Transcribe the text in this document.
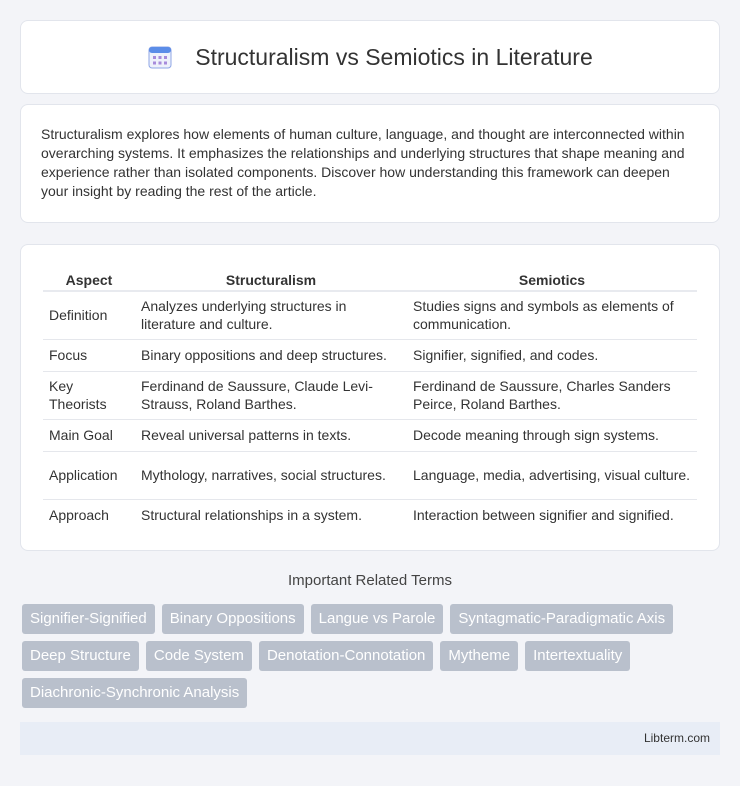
Structuralism vs Semiotics in Literature

Structuralism explores how elements of human culture, language, and thought are interconnected within overarching systems. It emphasizes the relationships and underlying structures that shape meaning and experience rather than isolated components. Discover how understanding this framework can deepen your insight by reading the rest of the article.

Aspect	Structuralism	Semiotics
Definition	Analyzes underlying structures in literature and culture.	Studies signs and symbols as elements of communication.
Focus	Binary oppositions and deep structures.	Signifier, signified, and codes.
Key Theorists	Ferdinand de Saussure, Claude Levi-Strauss, Roland Barthes.	Ferdinand de Saussure, Charles Sanders Peirce, Roland Barthes.
Main Goal	Reveal universal patterns in texts.	Decode meaning through sign systems.
Application	Mythology, narratives, social structures.	Language, media, advertising, visual culture.
Approach	Structural relationships in a system.	Interaction between signifier and signified.
Important Related Terms
Signifier-Signified	Binary Oppositions	Langue vs Parole	Syntagmatic-Paradigmatic Axis
Deep Structure	Code System	Denotation-Connotation	Mytheme	Intertextuality
Diachronic-Synchronic Analysis
Libterm.com
